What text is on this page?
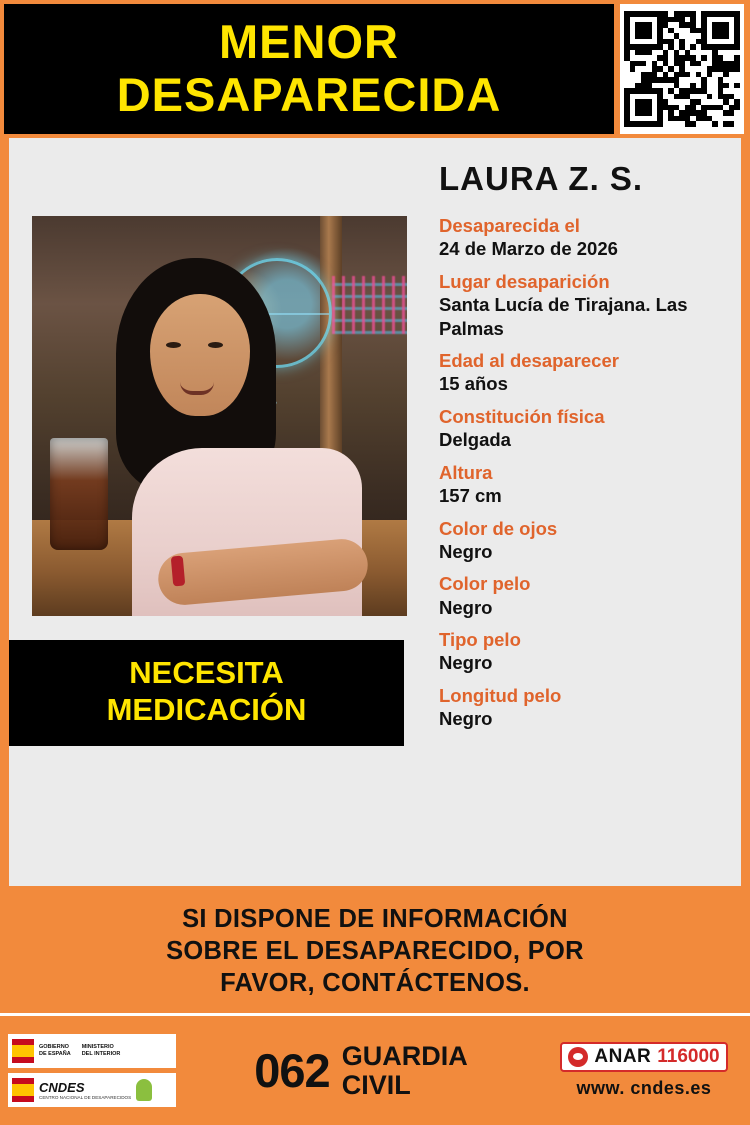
MENOR
DESAPARECIDA
NECESITA
MEDICACIÓN
LAURA Z. S.
Desaparecida el
24 de Marzo de 2026
Lugar desaparición
Santa Lucía de Tirajana. Las Palmas
Edad al desaparecer
15 años
Constitución física
Delgada
Altura
157 cm
Color de ojos
Negro
Color pelo
Negro
Tipo pelo
Negro
Longitud pelo
Negro
SI DISPONE DE INFORMACIÓN
SOBRE EL DESAPARECIDO, POR
FAVOR, CONTÁCTENOS.
GOBIERNO
DE ESPAÑA
MINISTERIO
DEL INTERIOR
CNDES
CENTRO NACIONAL DE DESAPARECIDOS
062 GUARDIA
CIVIL
ANAR 116000
www. cndes.es
